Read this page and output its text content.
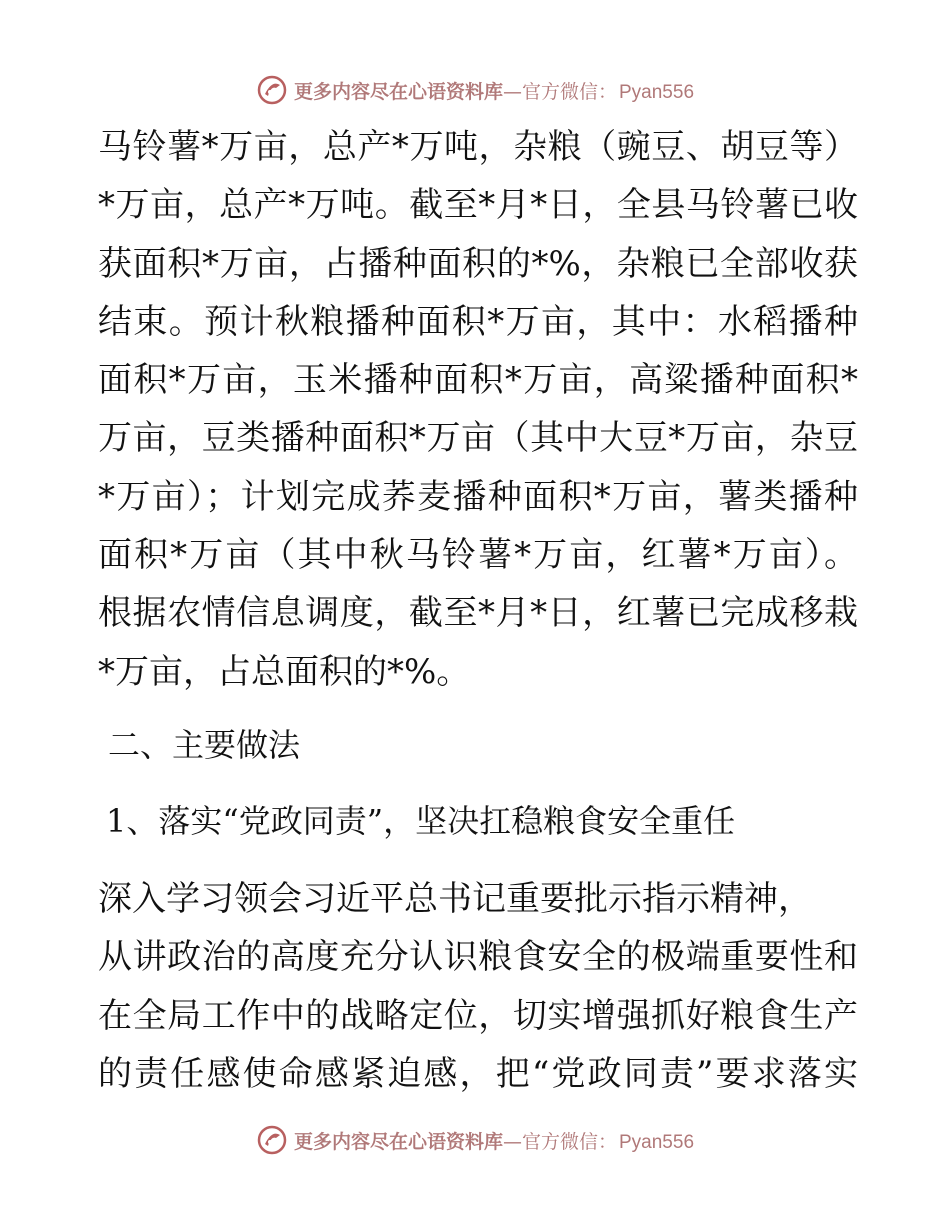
更多内容尽在心语资料库—官方微信： Pyan556
马铃薯*万亩，总产*万吨，杂粮（豌豆、胡豆等）
*万亩，总产*万吨。截至*月*日，全县马铃薯已收
获面积*万亩，占播种面积的*%，杂粮已全部收获
结束。预计秋粮播种面积*万亩，其中：水稻播种
面积*万亩，玉米播种面积*万亩，高粱播种面积*
万亩，豆类播种面积*万亩（其中大豆*万亩，杂豆
*万亩）；计划完成荞麦播种面积*万亩，薯类播种
面积*万亩（其中秋马铃薯*万亩，红薯*万亩）。
根据农情信息调度，截至*月*日，红薯已完成移栽
*万亩，占总面积的*%。
二、主要做法
1、落实“党政同责”，坚决扛稳粮食安全重任
深入学习领会习近平总书记重要批示指示精神，
从讲政治的高度充分认识粮食安全的极端重要性和
在全局工作中的战略定位，切实增强抓好粮食生产
的责任感使命感紧迫感，把“党政同责”要求落实
更多内容尽在心语资料库—官方微信： Pyan556
